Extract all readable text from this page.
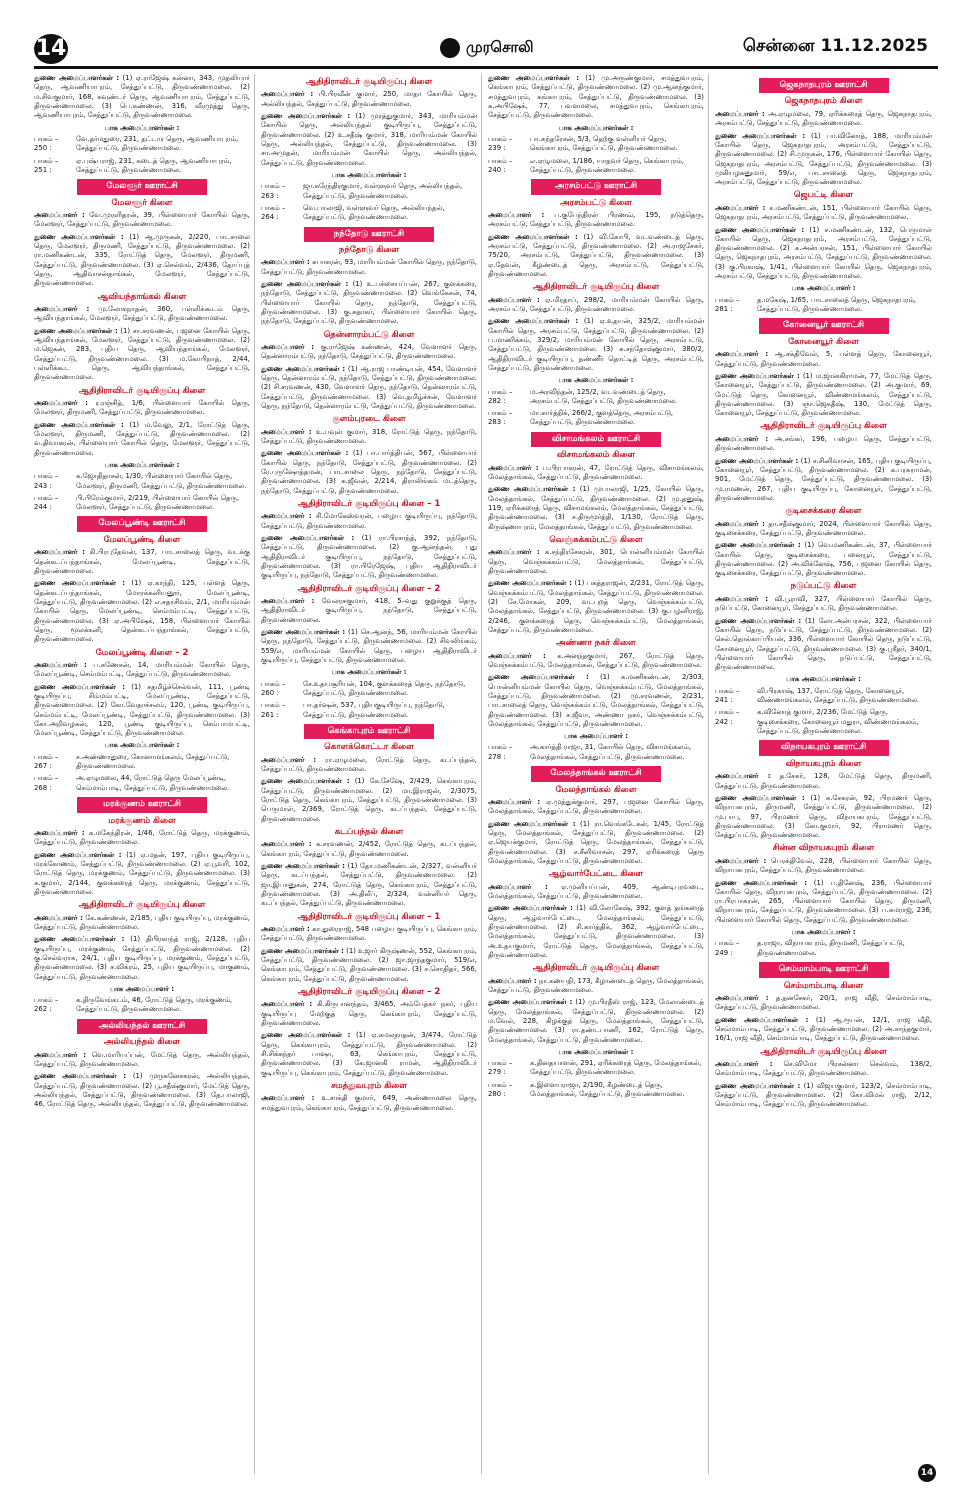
14	முரசொலி	சென்னை 11.12.2025

துணை அமைப்பாளர்கள் : (1) ஏ.ராஜேஷ் கன்னா, 343, முதலியார் தெரு, ஆவணியாபுரம், சேத்துப்பட்டு, திருவண்ணாமலை. (2) ம.சிவகுமார், 168, கவுண்டர் தெரு, ஆவணியாபுரம், சேத்துப்பட்டு, திருவண்ணாமலை. (3) பெ.கண்ணன், 316, வீரமுத்து தெரு, ஆவணியாபுரம், சேத்துப்பட்டு, திருவண்ணாமலை.

பாக அமைப்பாளர்கள் :
பாகம் – 250 :
வே.தர்மதுரை, 231, தட்டார தெரு, ஆவணியாபுரம், சேத்துப்பட்டு, திருவண்ணாமலை.
பாகம் – 251 :
ஏ.புஷ்பராஜ், 231, கடைத் தெரு, ஆவணியாபுரம், சேத்துப்பட்டு, திருவண்ணாமலை.
மேலளூர் ஊராட்சி
மேலளூர் கிளை

அமைப்பாளர் : வே.முரளிதரன், 39, பிள்ளையார் கோயில் தெரு, மேலளூர், சேத்துப்பட்டு, திருவண்ணாமலை.

துணை அமைப்பாளர்கள் : (1) ஆ.முருகன், 2/220, பாடசாலை தெரு, மேலளூர், திருமணி, சேத்துப்பட்டு, திருவண்ணாமலை. (2) ரா.மணிகண்டன், 335, ரோட்டுத் தெரு, மேலளூர், திருமணி, சேத்துப்பட்டு, திருவண்ணாமலை. (3) ஏ.செல்வம், 2/436, தோப்புத் தெரு, ஆதிவாசன்தாங்கல், மேலளூர், சேத்துப்பட்டு, திருவண்ணாமலை.

ஆவியந்தாங்கல் கிளை

அமைப்பாளர் : மு.லோகநாதன், 360, பள்ளிக்கூடம் தெரு, ஆவியந்தாங்கல், மேலளூர், சேத்துப்பட்டு, திருவண்ணாமலை.

துணை அமைப்பாளர்கள் : (1) சா.சரவணன், பஜனை கோயில் தெரு, ஆவியந்தாங்கல், மேலளூர், சேத்துப்பட்டு, திருவண்ணாமலை. (2) ம.ஜெகன், 283, புதிய தெரு, ஆவியந்தாங்கல், மேலளூர், சேத்துப்பட்டு, திருவண்ணாமலை. (3) ம.கோபிநாத், 2/44, பள்ளிக்கூட தெரு, ஆவியந்தாங்கல், சேத்துப்பட்டு, திருவண்ணாமலை.

ஆதிதிராவிடர் குடியிருப்பு கிளை

அமைப்பாளர் : ர.ரஞ்சித், 1/6, பிள்ளையார் கோயில் தெரு, மேலளூர், திருமணி, சேத்துப்பட்டு, திருவண்ணாமலை.

துணை அமைப்பாளர்கள் : (1) ம.வேலு, 2/1, ரோட்டுத் தெரு, மேலளூர், திருமணி, சேத்துப்பட்டு, திருவண்ணாமலை. (2) வ.திவாகரன், பிள்ளையார் கோயில் தெரு, மேலளூர், சேத்துப்பட்டு, திருவண்ணாமலை.

பாக அமைப்பாளர்கள் :
பாகம் – 243 :
க.ஜோதிதாசன், 1/30, பிள்ளையார் கோயில் தெரு, மேலளூர், திருமணி, சேத்துப்பட்டு, திருவண்ணாமலை.
பாகம் – 244 :
பி.பிரேம்குமார், 2/219, பிள்ளையார் கோயில் தெரு, மேலளூர், சேத்துப்பட்டு, திருவண்ணாமலை.
மேலப்பூண்டி ஊராட்சி
மேலப்பூண்டி கிளை

அமைப்பாளர் : கி.பிரபுதேவன், 137, பாடசாலைத் தெரு, வடக்கு தென்கடப்பந்தாங்கல், மேலப்பூண்டி, சேத்துப்பட்டு, திருவண்ணாமலை.

துணை அமைப்பாளர்கள் : (1) ஏ.காந்தி, 125, பள்ளத் தெரு, தென்கடப்பந்தாங்கல், மோரக்கனியனூர், மேலப்பூண்டி, சேத்துப்பட்டு, திருவண்ணாமலை. (2) எ.சதாசிவம், 2/1, மாரியம்மன் கோயில் தெரு, மேலப்பூண்டி, செம்மம்பட்டி, சேத்துப்பட்டு, திருவண்ணாமலை. (3) ஏ.அபிஷேக், 158, பிள்ளையார் கோயில் தெரு, மூலக்கனி, தென்கடப்பந்தாங்கல், சேத்துப்பட்டு, திருவண்ணாமலை.

மேலப்பூண்டி கிளை – 2

அமைப்பாளர் : ப.கணேசன், 14, மாரியம்மன் கோயில் தெரு, மேலப்பூண்டி, செம்மம்பட்டி, சேத்துப்பட்டு, திருவண்ணாமலை.

துணை அமைப்பாளர்கள் : (1) சதமிழ்ச்செல்வன், 111, பூண்டி குடியிருப்பு, சிம்மம்பட்டி, மேலப்பூண்டி, சேத்துப்பட்டு, திருவண்ணாமலை. (2) கோ.வேதாச்சலம், 120, பூண்டி குடியிருப்பு, செம்மம்பட்டி, மேலப்பூண்டி, சேத்துப்பட்டு, திருவண்ணாமலை. (3) கோ.அறிவழகன், 120, பூண்டி குடியிருப்பு, செம்பாமபட்டி, மேலப்பூண்டி, சேத்துப்பட்டு, திருவண்ணாமலை.

பாக அமைப்பாளர்கள் :
பாகம் – 267 :
ச.அண்ணாதுரை, கோனாமங்கலம், சேத்துப்பட்டு, திருவண்ணாமலை.
பாகம் – 268 :
அ.ஏழுமலை, 44, ரோட்டுத் தெரு மேலப்பூண்டி, செம்மாம்பாடி, சேத்துப்பட்டு, திருவண்ணாமலை.
மரக்குணம் ஊராட்சி
மரக்குணம் கிளை

அமைப்பாளர் : க.மகேந்திரன், 1/46, ரோட்டுத் தெரு, மரக்குணம், சேத்துப்பட்டு, திருவண்ணாமலை.

துணை அமைப்பாளர்கள் : (1) ஏ.மதன், 197, புதிய குடியிருப்பு, மரக்கோணம், சேத்துப்பட்டு, திருவண்ணாமலை. (2) ஏ.பூவரி, 102, ரோட்டுத் தெரு, மரக்குணம், சேத்துப்பட்டு, திருவண்ணாமலை. (3) சு.குமார், 2/144, குளக்கரைத் தெரு, மரக்குணம், சேத்துப்பட்டு, திருவண்ணாமலை.

ஆதிதிராவிடர் குடியிருப்பு கிளை

அமைப்பாளர் : கே.கண்ணன், 2/185, புதிய குடியிருப்பு, மரக்குணம், சேத்துப்பட்டு, திருவண்ணாமலை.

துணை அமைப்பாளர்கள் : (1) திபிரகாந்த் ராஜ், 2/128, புதிய குடியிருப்பு, மரக்குணம், சேத்துப்பட்டு, திருவண்ணாமலை. (2) கு.செல்வராசு, 24/1, புதிய குடியிருப்பு, மரக்குணம், சேத்துப்பட்டு, திருவண்ணாமலை. (3) ச.விக்ரம், 25, புதிய குடியிருப்பு, மாகுணம், சேத்துப்பட்டு, திருவண்ணாமலை.

பாக அமைப்பாளர் :
பாகம் – 262 :
க.திருவேங்கடம், 46, ரோட்டுத் தெரு, மரக்குணம், சேத்துப்பட்டு, திருவண்ணாமலை.
அல்லியந்தல் ஊராட்சி
அல்லியந்தல் கிளை

அமைப்பாளர் : வெ.மாரியப்பன், மேட்டுத் தெரு, அல்லியந்தல், சேத்துப்பட்டு, திருவண்ணாமலை.

துணை அமைப்பாளர்கள் : (1) முருகனேசகரன், அல்லியந்தல், சேத்துப்பட்டு, திருவண்ணாமலை. (2) பூ.சதீஷ்குமார், மேட்டுத் தெரு, அல்லியந்தல், சேத்துப்பட்டு, திருவண்ணாமலை. (3) தே.பாலாஜி, 46, ரோட்டுத் தெரு, அல்லியந்தல், சேத்துப்பட்டு, திருவண்ணாமலை.

ஆதிதிராவிடர் குடியிருப்பு கிளை

அமைப்பாளர் : பி.பிரவீன் குமார், 250, மாதா கோயில் தெரு, அல்லியந்தல், சேத்துப்பட்டு, திருவண்ணாமலை.

துணை அமைப்பாளர்கள் : (1) முரத்துகுமார், 343, மாரியம்மன் கோயில் தெரு, அல்லியந்தல் குடியிருப்பு, சேத்துப்பட்டு, திருவண்ணாமலை. (2) உ.சதீஷ் குமார், 318, மாரியம்மன் கோயில் தெரு, அல்லியந்தல், சேத்துப்பட்டு, திருவண்ணாமலை. (3) சா.அமுதன், மாரியம்மன் கோயில் தெரு, அல்லியந்தல், சேத்துப்பட்டு, திருவண்ணாமலை.

பாக அமைப்பாளர்கள் :
பாகம் – 263 :
ஜா.சுரேந்திரகுமார், வள்ளுவர் தெரு, அல்லியந்தல், சேத்துப்பட்டு, திருவண்ணாமலை.
பாகம் – 264 :
வெ.பாலாஜி, வள்ளுவர் தெரு, அல்லியந்தல், சேத்துப்பட்டு, திருவண்ணாமலை.
நந்தோடு ஊராட்சி
நந்தோடு கிளை

அமைப்பாளர் : சுபாகரன், 93, மாரியம்மன் கோயில் தெரு, நந்தோடு, சேத்துப்பட்டு, திருவண்ணாமலை.

துணை அமைப்பாளர்கள் : (1) உ.பச்சையப்பன், 267, குளக்கரை, நந்தோடு, சேத்துப்பட்டு, திருவண்ணாமலை. (2) வெங்கேசன், 74, பிள்ளையார் கோயில் தெரு, நந்தோடு, சேத்துப்பட்டு, திருவண்ணாமலை. (3) கு.சுதாகர், பிள்ளையார் கோயில் தெரு, நந்தோடு, சேத்துப்பட்டு, திருவண்ணாமலை.

தென்னாரம்பட்டு கிளை

அமைப்பாளர் : கு.ராஜேஷ் கண்ணன், 424, வேளாளர் தெரு, தென்னாரம்பட்டு, நந்தோடு, சேத்துப்பட்டு, திருவண்ணாமலை.

துணை அமைப்பாளர்கள் : (1) ஆ.ராஜ பாண்டியன், 454, வேளாளர் தெரு, தென்னாரம்பட்டு, நந்தோடு, சேத்துப்பட்டு, திருவண்ணாமலை. (2) சி.சரவணன், 430, வேளாளர் தெரு, நந்தோடு, தென்னாரம்பட்டு, சேத்துப்பட்டு, திருவண்ணாமலை. (3) வெ.தமிழ்ச்சன், வேளாளர் தெரு, நந்தோடு, தென்னாரம்பட்டு, சேத்துப்பட்டு, திருவண்ணாமலை.

குளம்புரடை கிளை

அமைப்பாளர் : உ.பவுள் குமார், 318, ரோட்டுத் தெரு, நந்தோடு, சேத்துப்பட்டு, திருவண்ணாமலை.

துணை அமைப்பாளர்கள் : (1) பா.பார்த்திபன், 567, பிள்ளையார் கோயில் தெரு, நந்தோடு, சேத்துப்பட்டு, திருவண்ணாமலை. (2) ரே.புருஷோத்தமன், பாடசாலை தெரு, நந்தோடு, சேத்துப்பட்டு, திருவண்ணாமலை. (3) சு.ஜீவன், 2/214, திராலிங்கம் மடத்தெரு, நந்தோடு, சேத்துப்பட்டு, திருவண்ணாமலை.

ஆதிதிராவிடர் குடியிருப்பு கிளை – 1

அமைப்பாளர் : சி.மோகேஸ்வரன், பழைய குடியிருப்பு, நந்தோடு, சேத்துப்பட்டு, திருவண்ணாமலை.

துணை அமைப்பாளர்கள் : (1) ரா.பிரசாந்த், 392, நந்தோடு, சேத்துப்பட்டு, திருவண்ணாமலை. (2) கு.ஆனந்தன், புது ஆதிதிராவிடர் குடியிருப்பு, நந்தோடு, சேத்துப்பட்டு, திருவண்ணாமலை. (3) ரா.பிரேஜேஷ், புதிய ஆதிதிராவிடர் குடியிருப்பு, நந்தோடு, சேத்துப்பட்டு, திருவண்ணாமலை.

ஆதிதிராவிடர் குடியிருப்பு கிளை – 2

அமைப்பாளர் : வேலரசுகுமார், 418, 5–வது குறுக்குத் தெரு, ஆதிதிராவிடர் குடியிருப்பு, நந்தோடு, சேத்துப்பட்டு, திருவண்ணாமலை.

துணை அமைப்பாளர்கள் : (1) செ.ஆனந், 56, மாரியம்மன் கோயில் தெரு, நந்தோடு, சேத்துப்பட்டு, திருவண்ணாமலை. (2) சிவலிங்கம், 559/எ, மாரியம்மன் கோயில் தெரு, பழைய ஆதிதிராவிடர் குடியிருப்பு, சேத்துப்பட்டு, திருவண்ணாமலை.

பாக அமைப்பாளர்கள் :
பாகம் – 260 :
சே.உதயசூரியன், 104, குளக்கரைத் தெரு, நந்தோடு, சேத்துப்பட்டு, திருவண்ணாமலை.
பாகம் – 261 :
பா.தர்ஷன், 537, புதியகுடியிருப்பு, நந்தோடு, சேத்துப்பட்டு, திருவண்ணாமலை.
கெங்காபுரம் ஊராட்சி
கொளக்கொட்டா கிளை

அமைப்பாளர் : ரா.ஏழுமலை, ரோட்டுத் தெரு, கடப்பந்தல், சேத்துப்பட்டு, திருவண்ணாமலை.

துணை அமைப்பாளர்கள் : (1) கே.சேஷே, 2/429, கெங்காபுரம், சேத்துப்பட்டு, திருவண்ணாமலை. (2) மா.இராஜன், 2/3075, ரோட்டுத் தெரு, கெங்காபுரம், சேத்துப்பட்டு, திருவண்ணாமலை. (3) பெருமாள், 2/369, ரோட்டுத் தெரு, கடப்பந்தல், சேத்துப்பட்டு, திருவண்ணாமலை.

கடப்பந்தல் கிளை

அமைப்பாளர் : க.சரவணன், 2/452, ரோட்டுத் தெரு, கடப்பந்தல், கெங்காபுரம், சேத்துப்பட்டு, திருவண்ணாமலை.

துணை அமைப்பாளர்கள் : (1) தோ.மணிகண்டன், 2/327, வன்னியர் தெரு, கடப்பந்தல், சேத்துப்பட்டு, திருவண்ணாமலை. (2) ஜா.இபானுசன், 274, ரோட்டுத் தெரு, கெங்காபுரம், சேத்துப்பட்டு, திருவண்ணாமலை. (3) அ.திலீப், 2/324, வன்னியர் தெரு, கடப்பந்தல், சேத்துப்பட்டு, திருவண்ணாமலை.

ஆதிதிராவிடர் குடியிருப்பு கிளை – 1

அமைப்பாளர் : கா.துரைராஜ், 548 பழைய குடியிருப்பு, கெங்காபுரம், சேத்துப்பட்டு, திருவண்ணாமலை.

துணை அமைப்பாளர்கள் : (1) உஜார் கிருஷ்ணன், 552, கெங்காபுரம், சேத்துப்பட்டு, திருவண்ணாமலை. (2) ஜா.ஜாந்தகுமார், 519/எ, கெங்காபுரம், சேத்துப்பட்டு, திருவண்ணாமலை. (3) ச.சொதிதர், 566, கெங்காபுரம், சேத்துப்பட்டு, திருவண்ணாமலை.

ஆதிதிராவிடர் குடியிருப்பு கிளை – 2

அமைப்பாளர் : கி.கிருபானந்தம், 3/465, அம்பேத்கர் நகர், புதிய குடியிருப்பு மேற்குத் தெரு, கெங்காபுரம், சேத்துப்பட்டு, திருவண்ணாமலை.

துணை அமைப்பாளர்கள் : (1) ஏ.கமலநாதன், 3/474, ரோட்டுத் தெரு, கெங்காபுரம், சேத்துப்பட்டு, திருவண்ணாமலை. (2) சி.சிக்கந்தர் பாஷா, 63, கெங்காபுரம், சேத்துப்பட்டு, திருவண்ணாமலை. (3) கே.ஜானகி ராமன், ஆதிதிராவிடர் குடியிருப்பு, கெங்காபுரம், சேத்துப்பட்டு, திருவண்ணாமலை.

சமத்துவபுரம் கிளை

அமைப்பாளர் : உ.சாக்தி குமார், 649, அண்ணாமலை தெரு, சமத்துவபுரம், கெங்காபுரம், சேத்துப்பட்டு, திருவண்ணாமலை.

துணை அமைப்பாளர்கள் : (1) மு.அருண்குமார், சமத்துவபுரம், கெங்காபுரம், சேத்துப்பட்டு, திருவண்ணாமலை. (2) மு.ஆனந்குமார், சமத்துவபுரம், கங்காபுரம், சேத்துப்பட்டு, திருவண்ணாமலை. (3) சு.அபிஷேக், 77, பவளமலை, சமத்துவபுரம், கெங்காபுரம், சேத்துப்பட்டு, திருவண்ணாமலை.

பாக அமைப்பாளர்கள் :
பாகம் – 239 :
பா.சுந்தரேசன், 5/3, தெற்கு வள்ளியர் தெரு, கெங்காபுரம், சேத்துப்பட்டு, திருவண்ணாமலை.
பாகம் – 240 :
எ.ஏழுமலை, 1/186, யாதவர் தெரு, கெங்காபுரம், சேத்துப்பட்டு, திருவண்ணாமலை.
அரசம்பட்டு ஊராட்சி
அரசம்பட்டு கிளை

அமைப்பாளர் : ப.குபேந்திரன் பிரணவ், 195, நடுத்தெரு, அரசம்பட்டு, சேத்துப்பட்டு, திருவண்ணாமலை.

துணை அமைப்பாளர்கள் : (1) வி.கோபி, வடவண்டைத் தெரு, அரசம்பட்டு, சேத்துப்பட்டு, திருவண்ணாமலை. (2) அ.ராஜசேகர், 75/20, அரசம்பட்டு, சேத்துப்பட்டு, திருவண்ணாமலை. (3) ஏ.தேவன், கீழண்டைத் தெரு, அரசம்பட்டு, சேத்துப்பட்டு, திருவண்ணாமலை.

ஆதிதிராவிடர் குடியிருப்பு கிளை

அமைப்பாளர் : ஏ.மிரதாப், 298/2, மாரியம்மன் கோயில் தெரு, அரசம்பட்டு, சேத்துப்பட்டு, திருவண்ணாமலை.

துணை அமைப்பாளர்கள் : (1) ஏ.உதயன், 325/2, மாரியம்மன் கோயில் தெரு, அரசம்பட்டு, சேத்துப்பட்டு, திருவண்ணாமலை. (2) ப.மாணிக்கம், 329/2, மாரியம்மன் கோயில் தெரு, அரசம்பட்டு, சேத்துப்பட்டு, திருவண்ணாமலை. (3) சு.சந்தோஷ்குமார், 380/2, ஆதிதிராவிடர் குடியிருப்பு, தண்ணீர் தொட்டித் தெரு, அரசம்பட்டு, சேத்துப்பட்டு, திருவண்ணாமலை.

பாக அமைப்பாளர்கள் :
பாகம் – 282 :
ம.அரவிந்தன், 125/2, வடவண்டைத் தெரு, அரசம்பட்டு, சேத்துப்பட்டு, திருவண்ணாமலை.
பாகம் – 283 :
மா.கார்த்திக், 266/2, குளத்தெரு, அரசம்பட்டு, சேத்துப்பட்டு, திருவண்ணாமலை.
விசாமங்கலம் ஊராட்சி
விசாமங்கலம் கிளை

அமைப்பாளர் : ப.பிரபாகரன், 47, ரோட்டுத் தெரு, விசாமங்கலம், மேலத்தாங்கல், சேத்துப்பட்டு, திருவண்ணாமலை.

துணை அமைப்பாளர்கள் : (1) முபாலாஜி, 1/25, கோயில் தெரு, மேலத்தாங்கல், சேத்துப்பட்டு, திருவண்ணாமலை. (2) மு.தனுஷ், 119, ஏரிக்கரைத் தெரு, விசாமங்கலம், மேலத்தாங்கல், சேத்துப்பட்டு, திருவண்ணாமலை. (3) ச.திருமூர்த்தி, 1/130, ரோட்டுத் தெரு, கிருஷ்ணாபுரம், மேலத்தாங்கல், சேத்துப்பட்டு, திருவண்ணாமலை.

வெஞ்சுக்கம்பட்டு கிளை

அமைப்பாளர் : க.சந்திரசேகரன், 301, பொன்னியம்மன் கோயில் தெரு, வெஞ்சுக்கம்பட்டு, மேலத்தாங்கல், சேத்துப்பட்டு, திருவண்ணாமலை.

துணை அமைப்பாளர்கள் : (1) பகத்தராஜன், 2/231, ரோட்டுத் தெரு, வெஞ்சுக்கம்பட்டு, மேலத்தாங்கல், சேத்துப்பட்டு, திருவண்ணாமலை. (2) சே.மோகன், 209, வடபுறத் தெரு, வெஞ்சுக்கம்பட்டு, மேலத்தாங்கல், சேத்துப்பட்டு, திருவண்ணாமலை. (3) கு.பழனிராஜ், 2/246, குளக்கரைத் தெரு, வெஞ்சுக்கம்பட்டு, மேலத்தாங்கல், சேத்துப்பட்டு, திருவண்ணாமலை.

அண்ணா நகர் கிளை

அமைப்பாளர் : க.அனந்தகுமார், 267, ரோட்டுத் தெரு, வெஞ்சுக்கம்பட்டு, மேலத்தாங்கல், சேத்துப்பட்டு, திருவண்ணாமலை.

துணை அமைப்பாளர்கள் : (1) க.மணிகண்டன், 2/303, பொன்னியம்மன் கோயில் தெரு, வெஞ்சுக்கம்பட்டு, மேலத்தாங்கல், சேத்துப்பட்டு, திருவண்ணாமலை. (2) மு.சரவணன், 2/231, பாடசாலைத் தெரு, வெஞ்சுக்கம்பட்டு, மேலத்தாங்கல், சேத்துப்பட்டு, திருவண்ணாமலை. (3) ச.ஜீவா, அண்ணா நகர், வெஞ்சுக்கம்பட்டு, மேலத்தாங்கல், சேத்துப்பட்டு, திருவண்ணாமலை.

பாக அமைப்பாளர் :
பாகம் – 278 :
அ.கார்த்தி ராஜா, 31, கோயில் தெரு, விசாமங்கலம், மேலத்தாங்கல், சேத்துப்பட்டு, திருவண்ணாமலை.
மேலத்தாங்கல் ஊராட்சி
மேலத்தாங்கல் கிளை

அமைப்பாளர் : ஏ.முத்துக்குமார், 297, பஜனை கோயில் தெரு, மேலத்தாங்கல், சேத்துப்பட்டு, திருவண்ணாமலை.

துணை அமைப்பாளர்கள் : (1) ரா.வெங்கடேசன், 1/45, ரோட்டுத் தெரு, மேலத்தாங்கல், சேத்துப்பட்டு, திருவண்ணாமலை. (2) ஏ.ஜெயக்குமார், ரோட்டுத் தெரு, மேலத்தாங்கல், சேத்துப்பட்டு, திருவண்ணாமலை. (3) ச.சீனிவாசன், 297, ஏரிக்கரைத் தெரு மேலத்தாங்கல், சேத்துப்பட்டு, திருவண்ணாமலை.

ஆழ்வார்பேட்டை கிளை

அமைப்பாளர் : ஏ.முனியப்பன், 409, ஆண்டிபுரவடை, மேலத்தாங்கல், சேத்துப்பட்டு, திருவண்ணாமலை.

துணை அமைப்பாளர்கள் : (1) வி.லோகேஷ், 392, குளத் தங்கரைத் தெரு, ஆழ்வார்பேட்டை, மேலத்தாங்கல், சேத்துப்பட்டு, திருவண்ணாமலை. (2) சி.கார்த்திக், 362, ஆழ்வார்பேட்டை, மேலத்தாங்கல், சேத்துப்பட்டு, திருவண்ணாமலை. (3) அ.உதயகுமார், ரோட்டுத் தெரு, மேலத்தாங்கல், சேத்துப்பட்டு, திருவண்ணாமலை.

ஆதிதிராவிடர் குடியிருப்பு கிளை

அமைப்பாளர் : நா.கணபதி, 173, கீழாண்டைத் தெரு, மேலத்தாங்கல், சேத்துப்பட்டு, திருவண்ணாமலை.

துணை அமைப்பாளர்கள் : (1) மு.பிரதீஸ் ராஜ், 123, மேலாண்டைத் தெரு, மேலத்தாங்கல், சேத்துப்பட்டு, திருவண்ணாமலை. (2) ம.வேல், 228, கிழக்குத் தெரு, மேலத்தாங்கல், சேத்துப்பட்டு, திருவண்ணாமலை. (3) ரா.தண்டபாணி, 162, ரோட்டுத் தெரு, மேலத்தாங்கல், சேத்துப்பட்டு, திருவண்ணாமலை.

பாக அமைப்பாளர்கள் :
பாகம் – 279 :
க.தினதயாளன், 291, ஏரிக்கரைத் தெரு, மேலத்தாங்கல், சேத்துப்பட்டு, திருவண்ணாமலை.
பாகம் – 280 :
சு.இளையராஜா, 2/190, கீழண்டைத் தெரு, மேலத்தாங்கல், சேத்துப்பட்டு, திருவண்ணாமலை.
ஜெகநாதபுரம் ஊராட்சி
ஜெகநாதபுரம் கிளை

அமைப்பாளர் : அ.ஏழுமலை, 79, ஏரிக்கரைத் தெரு, ஜெகநாதபுரம், அரசம்பட்டு, சேத்துப்பட்டு, திருவண்ணாமலை.

துணை அமைப்பாளர்கள் : (1) பா.வினோத், 188, மாரியம்மன் கோயில் தெரு, ஜெகநாதபுரம், அரசம்பட்டு, சேத்துப்பட்டு, திருவண்ணாமலை. (2) சி.முருகன், 176, பிள்ளையார் கோயில் தெரு, ஜெகநாதபுரம், அரசம்பட்டு, சேத்துப்பட்டு, திருவண்ணாமலை. (3) முகியழகனுமார், 59/எ, பாடசாலைத் தெரு, ஜெகநாதபுரம், அரசம்பட்டு, சேத்துப்பட்டு, திருவண்ணாமலை.

ஜெபட்டி கிளை

அமைப்பாளர் : ச.மணிகண்டன், 151, பிள்ளையார் கோயில் தெரு, ஜெகநாதபுரம், அரசம்பட்டு, சேத்துப்பட்டு, திருவண்ணாமலை.

துணை அமைப்பாளர்கள் : (1) ச.மணிகண்டன், 132, பெருமாள் கோயில் தெரு, ஜெகநாதபுரம், அரசம்பட்டு, சேத்துப்பட்டு, திருவண்ணாமலை. (2) க.அன்பரசன், 151, பிள்ளையார் கோயில் தெரு, ஜெகநாதபுரம், அரசம்பட்டு, சேத்துப்பட்டு, திருவண்ணாமலை. (3) கு.பிரகாஷ், 1/41, பிள்ளையார் கோயில் தெரு, ஜெகநாதபுரம், அரசம்பட்டு, சேத்துப்பட்டு, திருவண்ணாமலை.

பாக அமைப்பாளர் :
பாகம் – 281 :
த.மகேஷ், 1/65, பாடசாலைத் தெரு, ஜெகநாதபுரம், சேத்துப்பட்டு, திருவண்ணாமலை.
கோனையூர் ஊராட்சி
கோனையூர் கிளை

அமைப்பாளர் : ஆ.சக்திவேல், 5, பள்ளத் தெரு, கோனையூர், சேத்துப்பட்டு, திருவண்ணாமலை.

துணை அமைப்பாளர்கள் : (1) ம.ஜானகிராமன், 77, மேட்டுத் தெரு, கோனையூர், சேத்துப்பட்டு, திருவண்ணாமலை. (2) அ.குமார், 69, மேட்டுத் தெரு, கோனையூர், விண்ணமங்கலம், சேத்துப்பட்டு, திருவண்ணாமலை. (3) ஞா.ஜெகதீஷ், 130, மேட்டுத் தெரு, கோனையூர், சேத்துப்பட்டு, திருவண்ணாமலை.

ஆதிதிராவிடர் குடியிருப்பு கிளை

அமைப்பாளர் : அ.சங்கர், 196, பழைய தெரு, சேத்துப்பட்டு, திருவண்ணாமலை.

துணை அமைப்பாளர்கள் : (1) ச.சினிவாசன், 165, புதிய குடியிருப்பு, கோனையூர், சேத்துப்பட்டு, திருவண்ணாமலை. (2) க.பரசுராமன், 901, மேட்டுத் தெரு, சேத்துப்பட்டு, திருவண்ணாமலை. (3) மு.ரமணன், 267, புதிய குடியிருப்பு, கோனையூர், சேத்துப்பட்டு, திருவண்ணாமலை.

குடிசைக்கரை கிளை

அமைப்பாளர் : தா.சதீஷ்குமார், 2024, பிள்ளையார் கோயில் தெரு, குடிசைக்கரை, சேத்துப்பட்டு, திருவண்ணாமலை.

துணை அமைப்பாளர்கள் : (1) வெ.மணிகண்டன், 37, பிள்ளையார் கோயில் தெரு, குடிசைக்கரை, பனையூர், சேத்துப்பட்டு, திருவண்ணாமலை. (2) அ.விக்னேஷ், 756, பஜனை கோயில் தெரு, குடிசைக்கரை, சேத்துப்பட்டு, திருவண்ணாமலை.

நடுப்பட்டு கிளை

அமைப்பாளர் : வி.பூராவி, 327, பிள்ளையார் கோயில் தெரு, நடுப்பட்டு, கோனையூர், சேத்துப்பட்டு, திருவண்ணாமலை.

துணை அமைப்பாளர்கள் : (1) லோ.அன்பரசன், 322, பிள்ளையார் கோயில் தெரு, நடுப்பட்டு, சேத்துப்பட்டு, திருவண்ணாமலை. (2) செல்.தொல்காப்பியன், 336, பிள்ளையார் கோயில் தெரு, நடுப்பட்டு, கோனையூர், சேத்துப்பட்டு, திருவண்ணாமலை. (3) கு.ஸ்ரீதர், 340/1, பிள்ளையார் கோயில் தெரு, நடுப்பட்டு, சேத்துப்பட்டு, திருவண்ணாமலை.

பாக அமைப்பாளர்கள் :
பாகம் – 241 :
வி.பிரகாஷ், 137, ரோட்டுத் தெரு, கோனையூர், விண்ணமங்கலம், சேத்துப்பட்டு, திருவண்ணாமலை.
பாகம் – 242 :
க.வினோத் குமார், 2/236, மேட்டுத் தெரு, குடிசைக்கரை, கோனையூர் மதுரா, விண்ணமங்கலம், சேத்துப்பட்டு, திருவண்ணாமலை.
விநாயகபுரம் ஊராட்சி
விநாயகபுரம் கிளை

அமைப்பாளர் : த.சேகர், 128, மேட்டுத் தெரு, திருமணி, சேத்துப்பட்டு, திருவண்ணாமலை.

துணை அமைப்பாளர்கள் : (1) சு.சேகரன், 92, பிரமணர் தெரு, விநாயகபுரம், திருமணி, சேத்துப்பட்டு, திருவண்ணாமலை. (2) மு.பாபு, 97, பிரமணர் தெரு, விநாயகபுரம், சேத்துப்பட்டு, திருவண்ணாமலை. (3) கோ.குமார், 92, பிராமணர் தெரு, சேத்துப்பட்டு, திருவண்ணாமலை.

சின்ன விநாயகபுரம் கிளை

அமைப்பாளர் : பெரக்திவேல், 228, பிள்ளையார் கோயில் தெரு, விநாயகபுரம், சேத்துப்பட்டு, திருவண்ணாமலை.

துணை அமைப்பாளர்கள் : (1) ப.தினேஷ், 236, பிள்ளையார் கோயில் தெரு, விநாயகபுரம், சேத்துப்பட்டு, திருவண்ணாமலை. (2) ரா.பிரபாகரன், 265, பிள்ளையார் கோயில் தெரு, திருமணி, விநாயகபுரம், சேத்துப்பட்டு, திருவண்ணாமலை. (3) ப.சுமராஜ், 236, பிள்ளையார் கோயில் தெரு, சேத்துப்பட்டு, திருவண்ணாமலை.

பாக அமைப்பாளர் :
பாகம் – 249 :
த.ராஜா, விநாயகபுரம், திருமணி, சேத்துப்பட்டு, திருவண்ணாமலை.
செம்மாம்பாடி ஊராட்சி
செம்மாம்பாடி கிளை

அமைப்பாளர் : த.தனசேகர், 20/1, ராஜ வீதி, செம்மாம்பாடி, சேத்துப்பட்டு, திருவண்ணாமலை.

துணை அமைப்பாளர்கள் : (1) ஆ.ரூபன், 12/1, ராஜ வீதி, செம்மாம்பாடி, சேத்துப்பட்டு, திருவண்ணாமலை. (2) அ.சாந்தகுமார், 16/1, ராஜ வீதி, செம்மாம்பாடி, சேத்துப்பட்டு, திருவண்ணாமலை.

ஆதிதிராவிடர் குடியிருப்பு கிளை

அமைப்பாளர் : செ.விமோ பிரசன்னா செல்வம், 138/2, செம்மாம்பாடி, சேத்துப்பட்டு, திருவண்ணாமலை.

துணை அமைப்பாளர்கள் : (1) விஜயகுமார், 123/2, செம்மாம்பாடி, சேத்துப்பட்டு, திருவண்ணாமலை. (2) கோ.விமல் ராஜ், 2/12, செம்மாம்பாடி, சேத்துப்பட்டு, திருவண்ணாமலை.

14
